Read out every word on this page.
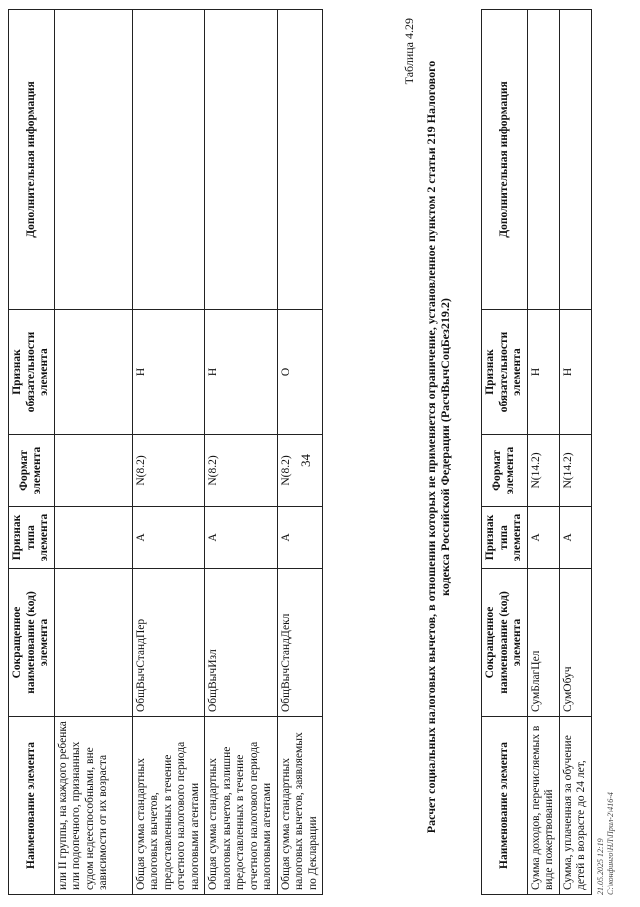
Наименование элемента	Сокращенное наименование (код) элемента	Признак типа элемента	Формат элемента	Признак обязательности элемента	Дополнительная информация
или II группы, на каждого ребенка или подопечного, признанных судом недееспособными, вне зависимости от их возраста					
Общая сумма стандартных налоговых вычетов, предоставленных в течение отчетного налогового периода налоговыми агентами	ОбщВычСтандПер	А	N(8.2)	Н	
Общая сумма стандартных налоговых вычетов, излишне предоставленных в течение отчетного налогового периода налоговыми агентами	ОбщВычИзл	А	N(8.2)	Н	
Общая сумма стандартных налоговых вычетов, заявляемых по Декларации	ОбщВычСтандДекл	А	N(8.2)	О	
34
Таблица 4.29
Расчет социальных налоговых вычетов, в отношении которых не применяется ограничение, установленное пунктом 2 статьи 219 Налогового кодекса Российской Федерации (РасчВычСоцБез219.2)
Наименование элемента	Сокращенное наименование (код) элемента	Признак типа элемента	Формат элемента	Признак обязательности элемента	Дополнительная информация
Сумма доходов, перечисляемых в виде пожертвований	СумБлагЦел	А	N(14.2)	Н	
Сумма, уплаченная за обучение детей в возрасте до 24 лет,	СумОбуч	А	N(14.2)	Н	
21.05.2025 12:19 C:\конфинго\НЛ\Прил-2\416-4
